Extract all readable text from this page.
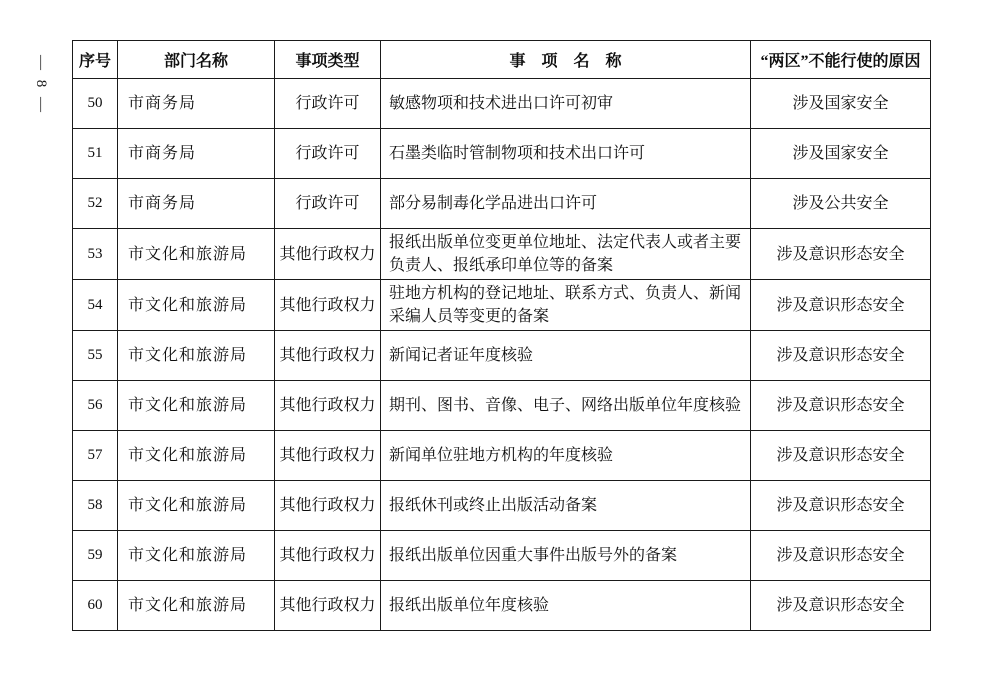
— 8 —	序号	部门名称	事项类型	事　项　名　称	“两区”不能行使的原因
50	市商务局	行政许可	敏感物项和技术进出口许可初审	涉及国家安全
51	市商务局	行政许可	石墨类临时管制物项和技术出口许可	涉及国家安全
52	市商务局	行政许可	部分易制毒化学品进出口许可	涉及公共安全
53	市文化和旅游局	其他行政权力	报纸出版单位变更单位地址、法定代表人或者主要负责人、报纸承印单位等的备案	涉及意识形态安全
54	市文化和旅游局	其他行政权力	驻地方机构的登记地址、联系方式、负责人、新闻采编人员等变更的备案	涉及意识形态安全
55	市文化和旅游局	其他行政权力	新闻记者证年度核验	涉及意识形态安全
56	市文化和旅游局	其他行政权力	期刊、图书、音像、电子、网络出版单位年度核验	涉及意识形态安全
57	市文化和旅游局	其他行政权力	新闻单位驻地方机构的年度核验	涉及意识形态安全
58	市文化和旅游局	其他行政权力	报纸休刊或终止出版活动备案	涉及意识形态安全
59	市文化和旅游局	其他行政权力	报纸出版单位因重大事件出版号外的备案	涉及意识形态安全
60	市文化和旅游局	其他行政权力	报纸出版单位年度核验	涉及意识形态安全
